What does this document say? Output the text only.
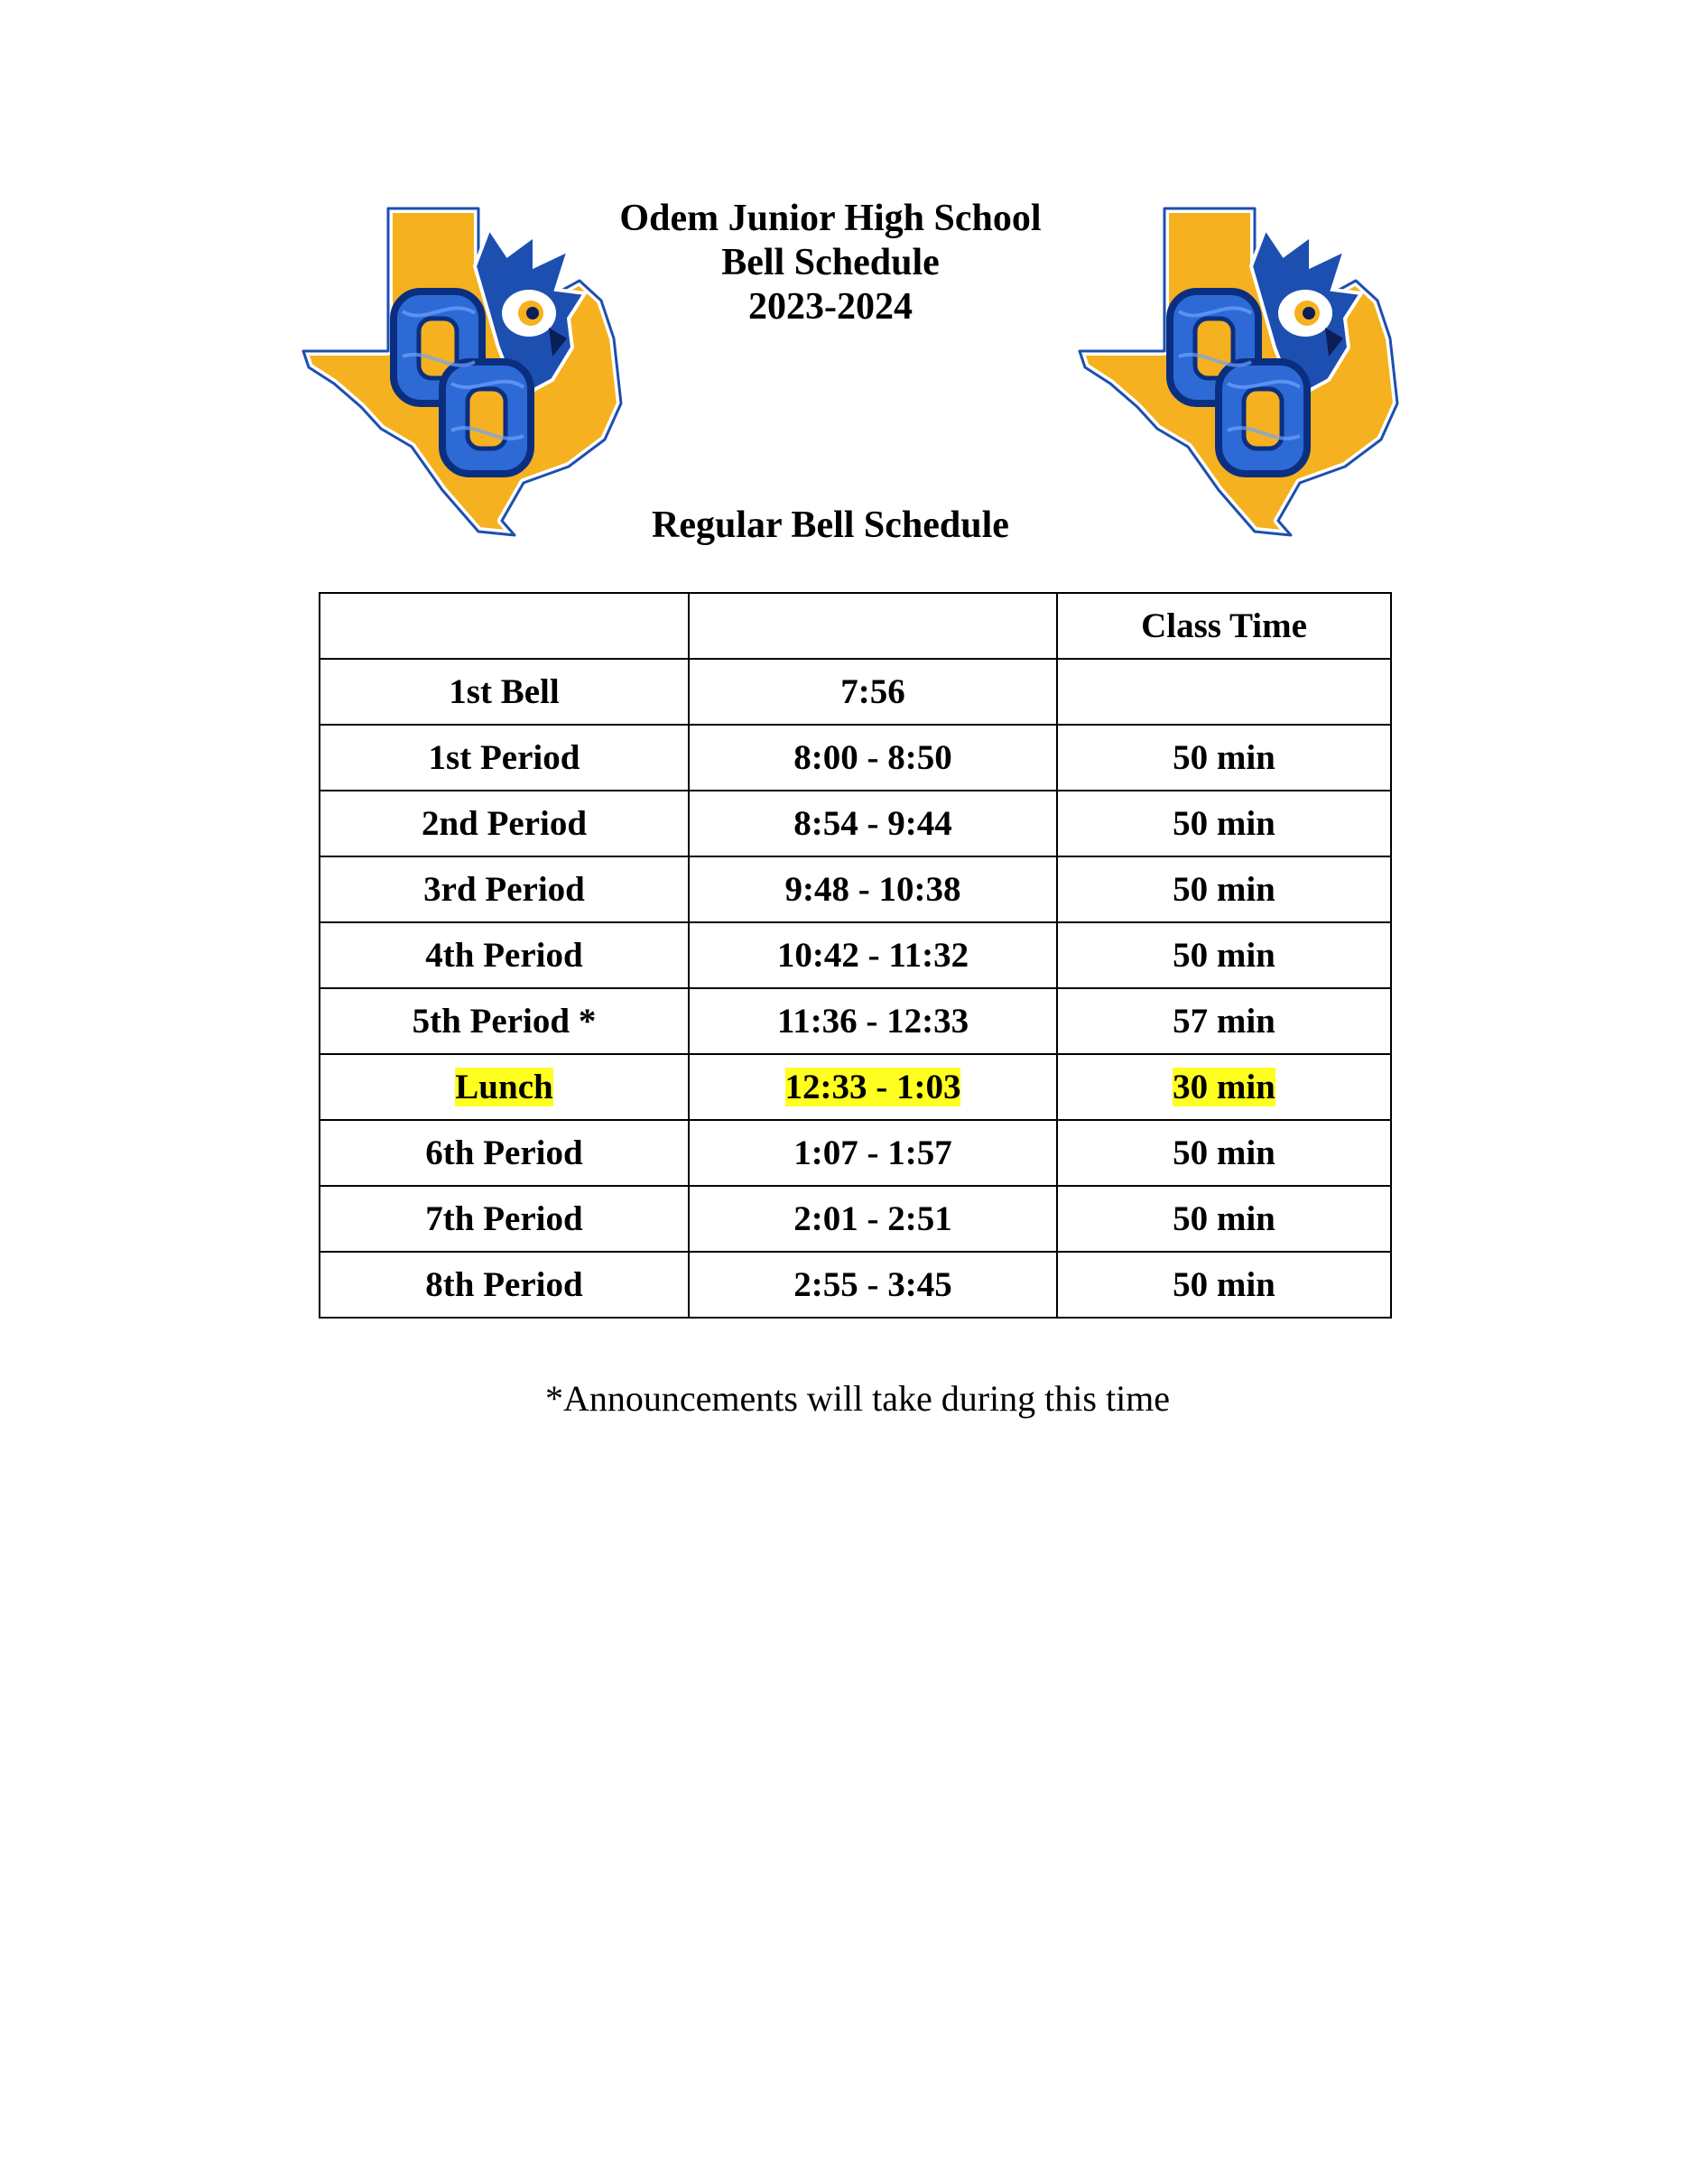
Odem Junior High School
Bell Schedule
2023-2024
Regular Bell Schedule
		Class Time
1st Bell	7:56	
1st Period	8:00 - 8:50	50 min
2nd Period	8:54 - 9:44	50 min
3rd Period	9:48 - 10:38	50 min
4th Period	10:42 - 11:32	50 min
5th Period *	11:36 - 12:33	57 min
Lunch	12:33 - 1:03	30 min
6th Period	1:07 - 1:57	50 min
7th Period	2:01 - 2:51	50 min
8th Period	2:55 - 3:45	50 min
*Announcements will take during this time
